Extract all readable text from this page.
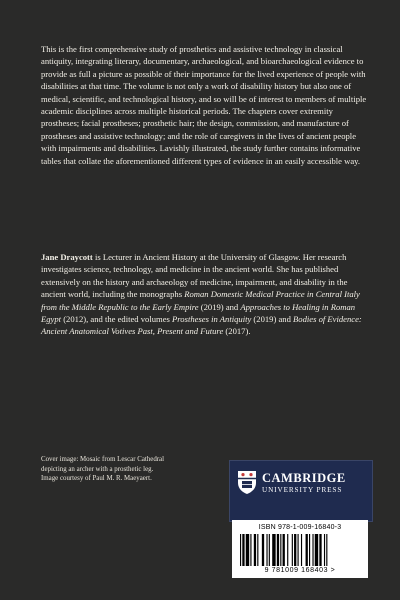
This is the first comprehensive study of prosthetics and assistive technology in classical antiquity, integrating literary, documentary, archaeological, and bioarchaeological evidence to provide as full a picture as possible of their importance for the lived experience of people with disabilities at that time. The volume is not only a work of disability history but also one of medical, scientific, and technological history, and so will be of interest to members of multiple academic disciplines across multiple historical periods. The chapters cover extremity prostheses; facial prostheses; prosthetic hair; the design, commission, and manufacture of prostheses and assistive technology; and the role of caregivers in the lives of ancient people with impairments and disabilities. Lavishly illustrated, the study further contains informative tables that collate the aforementioned different types of evidence in an easily accessible way.

Jane Draycott is Lecturer in Ancient History at the University of Glasgow. Her research investigates science, technology, and medicine in the ancient world. She has published extensively on the history and archaeology of medicine, impairment, and disability in the ancient world, including the monographs Roman Domestic Medical Practice in Central Italy from the Middle Republic to the Early Empire (2019) and Approaches to Healing in Roman Egypt (2012), and the edited volumes Prostheses in Antiquity (2019) and Bodies of Evidence: Ancient Anatomical Votives Past, Present and Future (2017).

Cover image: Mosaic from Lescar Cathedral
depicting an archer with a prosthetic leg.
Image courtesy of Paul M. R. Maeyaert.	CAMBRIDGE
UNIVERSITY PRESS
ISBN 978-1-009-16840-3
9 781009 168403 >
